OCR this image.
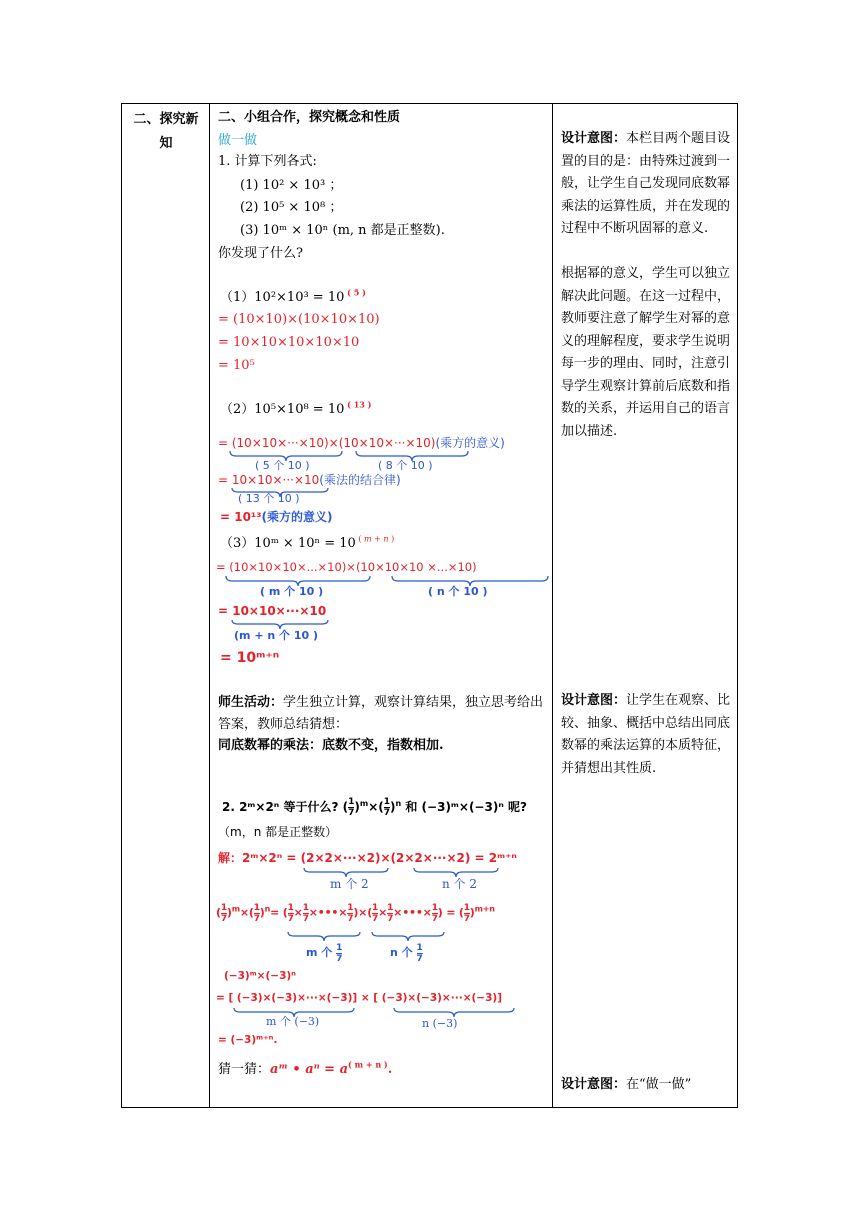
二、探究新知
二、小组合作，探究概念和性质
做一做
1. 计算下列各式:
(1) 10² × 10³ ；
(2) 10⁵ × 10⁸ ；
(3) 10ᵐ × 10ⁿ (m, n 都是正整数).
你发现了什么?
（1）10²×10³ = 10 $^{( 5 )}$
= (10×10)×(10×10×10)
= 10×10×10×10×10
= 10⁵
（2）10⁵×10⁸ = 10 $^{( 13 )}$
= (10×10×···×10)×(10×10×···×10)(乘方的意义)
( 5 个 10 )	( 8 个 10 )
= 10×10×···×10(乘法的结合律)
( 13 个 10 )
= 10¹³(乘方的意义)
（3）10ᵐ × 10ⁿ = 10 $^{( m + n )}$
= (10×10×10×...×10)×(10×10×10 ×...×10)
( m 个 10 )	( n 个 10 )
= 10×10×···×10
(m + n 个 10 )
= 10ᵐ⁺ⁿ
师生活动：学生独立计算，观察计算结果，独立思考给出答案，教师总结猜想：
同底数幂的乘法：底数不变，指数相加.
2. 2ᵐ×2ⁿ 等于什么? ( $\frac{1}{7} )^m\times( \frac{1}{7} )^n$ 和 (−3)ᵐ×(−3)ⁿ 呢?
（m，n 都是正整数）
解：2ᵐ×2ⁿ = (2×2×···×2)×(2×2×···×2) = 2ᵐ⁺ⁿ
m 个 2	n 个 2
( $\frac{1}{7} )^m\times( \frac{1}{7} )^n=$ ( $\frac{1}{7} \times \frac{1}{7}$ ×•••× $\frac{1}{7}$ )×( $\frac{1}{7} \times \frac{1}{7}$ ×•••× $\frac{1}{7}$ ) = ( $\frac{1}{7} )^{m+n}$
m 个 $\frac{1}{7}$	n 个 $\frac{1}{7}$
(−3)ᵐ×(−3)ⁿ
= [ (−3)×(−3)×···×(−3)] × [ (−3)×(−3)×···×(−3)]
m 个 (−3)	n (−3)
= (−3)ᵐ⁺ⁿ.
猜一猜：aᵐ • $a^n = a^{( m + n )}$.
设计意图：本栏目两个题目设置的目的是：由特殊过渡到一般，让学生自己发现同底数幂乘法的运算性质，并在发现的过程中不断巩固幂的意义.
根据幂的意义，学生可以独立解决此问题。在这一过程中，教师要注意了解学生对幂的意义的理解程度，要求学生说明每一步的理由、同时，注意引导学生观察计算前后底数和指数的关系，并运用自己的语言加以描述.
设计意图：让学生在观察、比较、抽象、概括中总结出同底数幂的乘法运算的本质特征，并猜想出其性质.
设计意图：在“做一做”
